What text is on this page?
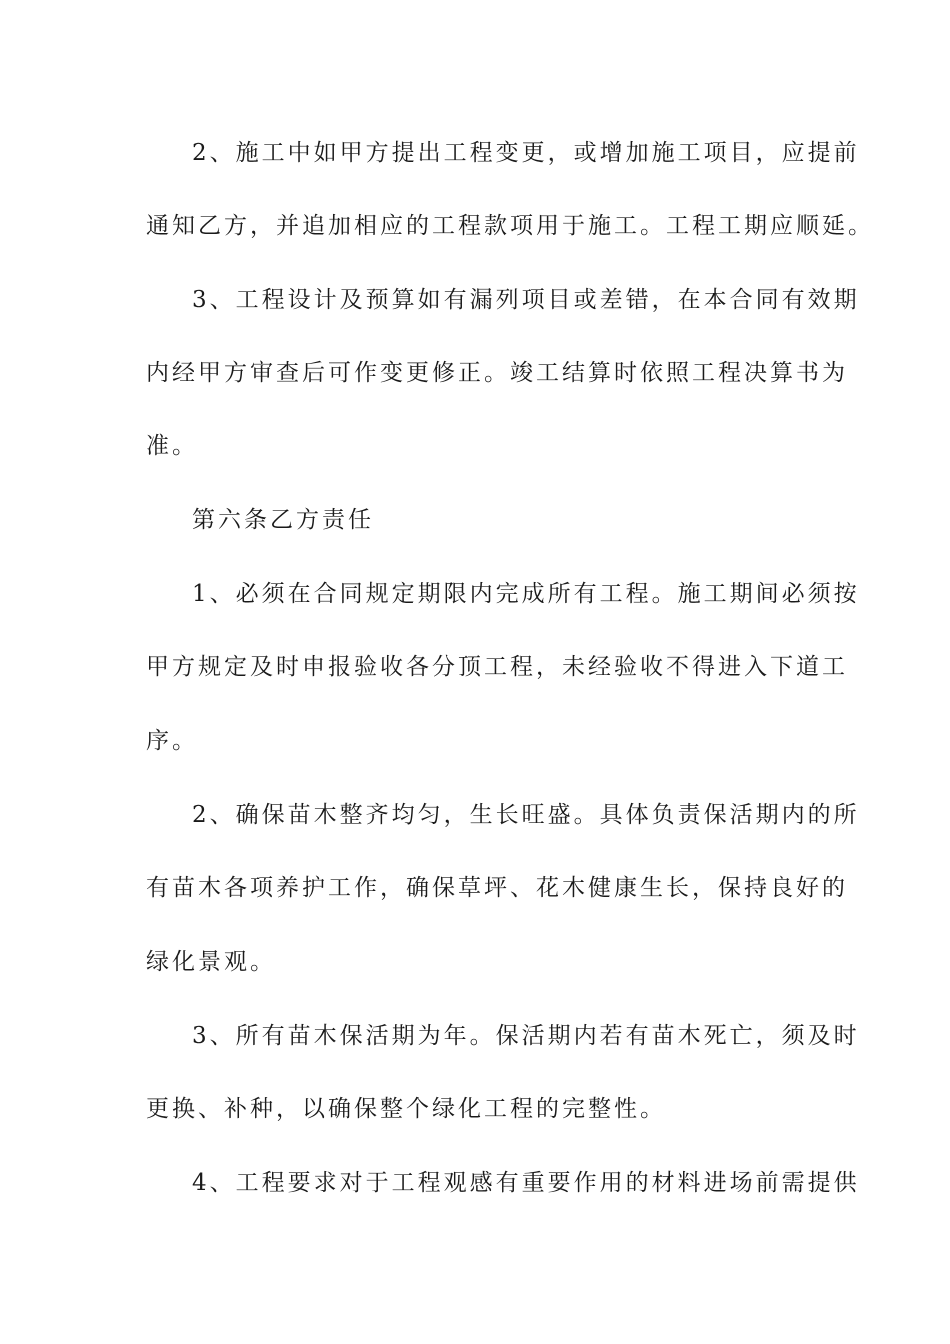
2、施工中如甲方提出工程变更，或增加施工项目，应提前
通知乙方，并追加相应的工程款项用于施工。工程工期应顺延。
3、工程设计及预算如有漏列项目或差错，在本合同有效期
内经甲方审查后可作变更修正。竣工结算时依照工程决算书为
准。
第六条乙方责任
1、必须在合同规定期限内完成所有工程。施工期间必须按
甲方规定及时申报验收各分顶工程，未经验收不得进入下道工
序。
2、确保苗木整齐均匀，生长旺盛。具体负责保活期内的所
有苗木各项养护工作，确保草坪、花木健康生长，保持良好的
绿化景观。
3、所有苗木保活期为年。保活期内若有苗木死亡，须及时
更换、补种，以确保整个绿化工程的完整性。
4、工程要求对于工程观感有重要作用的材料进场前需提供
